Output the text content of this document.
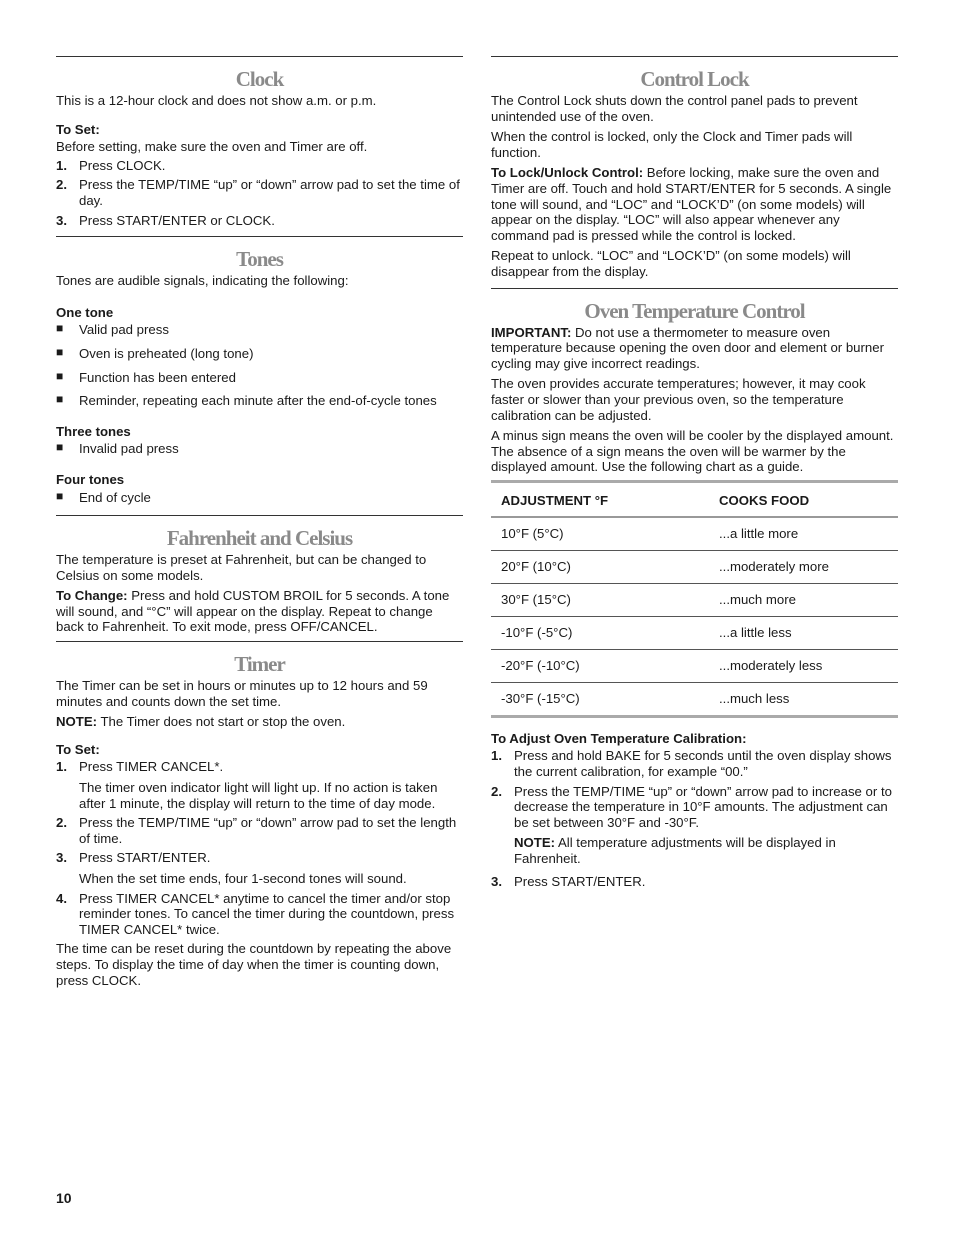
Clock

This is a 12-hour clock and does not show a.m. or p.m.

To Set:

Before setting, make sure the oven and Timer are off.

1. Press CLOCK.
2. Press the TEMP/TIME “up” or “down” arrow pad to set the time of day.
3. Press START/ENTER or CLOCK.
Tones

Tones are audible signals, indicating the following:

One tone
■ Valid pad press
■ Oven is preheated (long tone)
■ Function has been entered
■ Reminder, repeating each minute after the end-of-cycle tones
Three tones
■ Invalid pad press
Four tones
■ End of cycle
Fahrenheit and Celsius

The temperature is preset at Fahrenheit, but can be changed to Celsius on some models.

To Change: Press and hold CUSTOM BROIL for 5 seconds. A tone will sound, and “°C” will appear on the display. Repeat to change back to Fahrenheit. To exit mode, press OFF/CANCEL.

Timer

The Timer can be set in hours or minutes up to 12 hours and 59 minutes and counts down the set time.

NOTE: The Timer does not start or stop the oven.

To Set:
1. Press TIMER CANCEL*.
The timer oven indicator light will light up. If no action is taken after 1 minute, the display will return to the time of day mode.
2. Press the TEMP/TIME “up” or “down” arrow pad to set the length of time.
3. Press START/ENTER.
When the set time ends, four 1-second tones will sound.
4. Press TIMER CANCEL* anytime to cancel the timer and/or stop reminder tones. To cancel the timer during the countdown, press TIMER CANCEL* twice.

The time can be reset during the countdown by repeating the above steps. To display the time of day when the timer is counting down, press CLOCK.

Control Lock

The Control Lock shuts down the control panel pads to prevent unintended use of the oven.

When the control is locked, only the Clock and Timer pads will function.

To Lock/Unlock Control: Before locking, make sure the oven and Timer are off. Touch and hold START/ENTER for 5 seconds. A single tone will sound, and “LOC” and “LOCK’D” (on some models) will appear on the display. “LOC” will also appear whenever any command pad is pressed while the control is locked.

Repeat to unlock. “LOC” and “LOCK’D” (on some models) will disappear from the display.

Oven Temperature Control

IMPORTANT: Do not use a thermometer to measure oven temperature because opening the oven door and element or burner cycling may give incorrect readings.

The oven provides accurate temperatures; however, it may cook faster or slower than your previous oven, so the temperature calibration can be adjusted.

A minus sign means the oven will be cooler by the displayed amount. The absence of a sign means the oven will be warmer by the displayed amount. Use the following chart as a guide.

ADJUSTMENT °F	COOKS FOOD
10°F (5°C)	...a little more
20°F (10°C)	...moderately more
30°F (15°C)	...much more
-10°F (-5°C)	...a little less
-20°F (-10°C)	...moderately less
-30°F (-15°C)	...much less
To Adjust Oven Temperature Calibration:
1. Press and hold BAKE for 5 seconds until the oven display shows the current calibration, for example “00.”
2. Press the TEMP/TIME “up” or “down” arrow pad to increase or to decrease the temperature in 10°F amounts. The adjustment can be set between 30°F and -30°F.
NOTE: All temperature adjustments will be displayed in Fahrenheit.
3. Press START/ENTER.
10
